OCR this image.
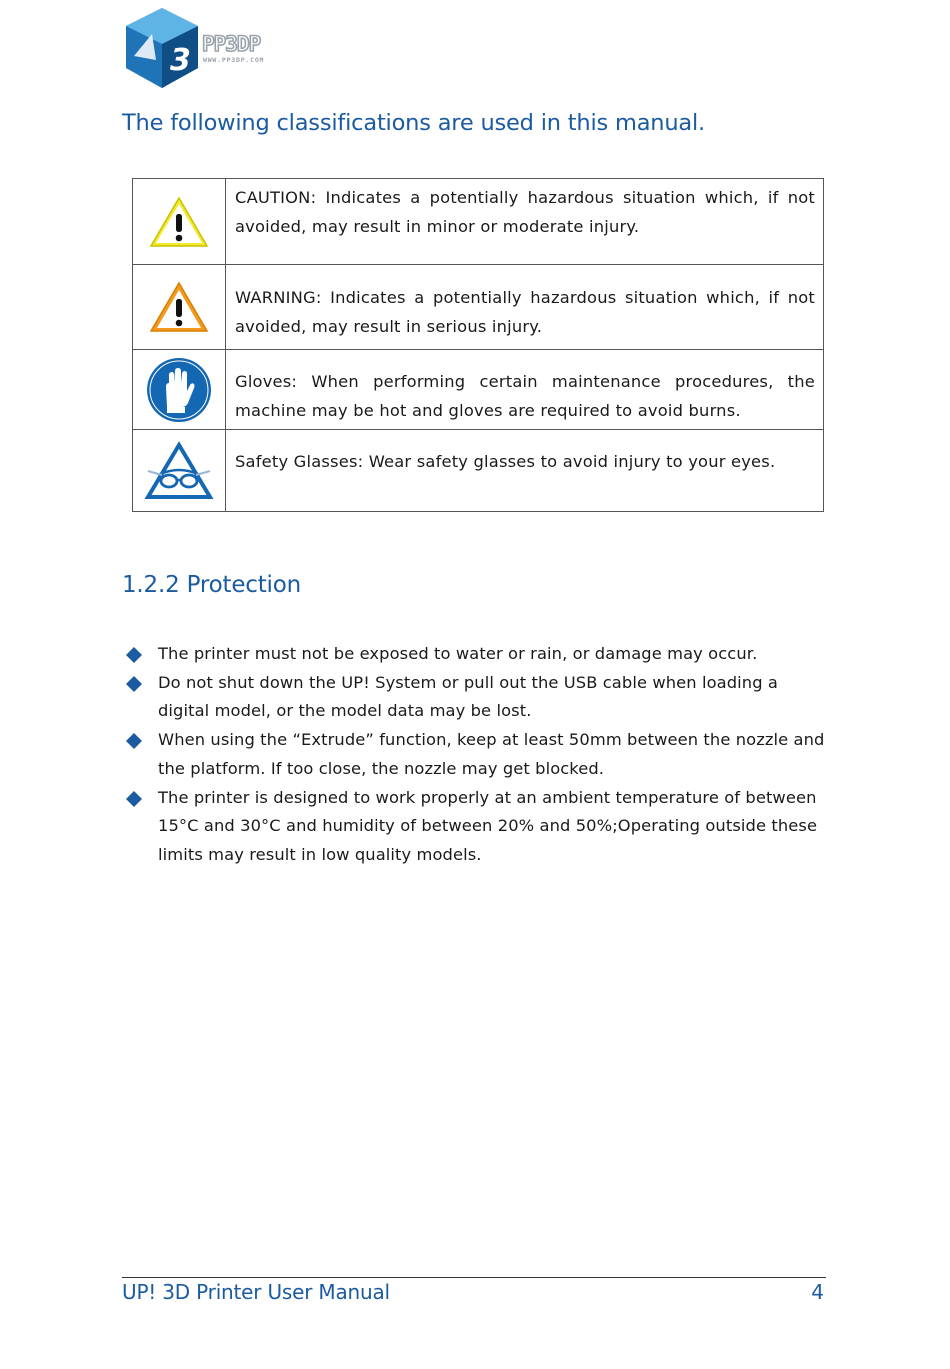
3 PP3DP
WWW.PP3DP.COM
The following classifications are used in this manual.
	CAUTION: Indicates a potentially hazardous situation which, if not avoided, may result in minor or moderate injury.
	WARNING: Indicates a potentially hazardous situation which, if not avoided, may result in serious injury.
	Gloves: When performing certain maintenance procedures, the machine may be hot and gloves are required to avoid burns.
	Safety Glasses: Wear safety glasses to avoid injury to your eyes.
1.2.2 Protection
The printer must not be exposed to water or rain, or damage may occur.
Do not shut down the UP! System or pull out the USB cable when loading a digital model, or the model data may be lost.
When using the “Extrude” function, keep at least 50mm between the nozzle and the platform. If too close, the nozzle may get blocked.
The printer is designed to work properly at an ambient temperature of between 15°C and 30°C and humidity of between 20% and 50%;Operating outside these limits may result in low quality models.
UP! 3D Printer User Manual	4
